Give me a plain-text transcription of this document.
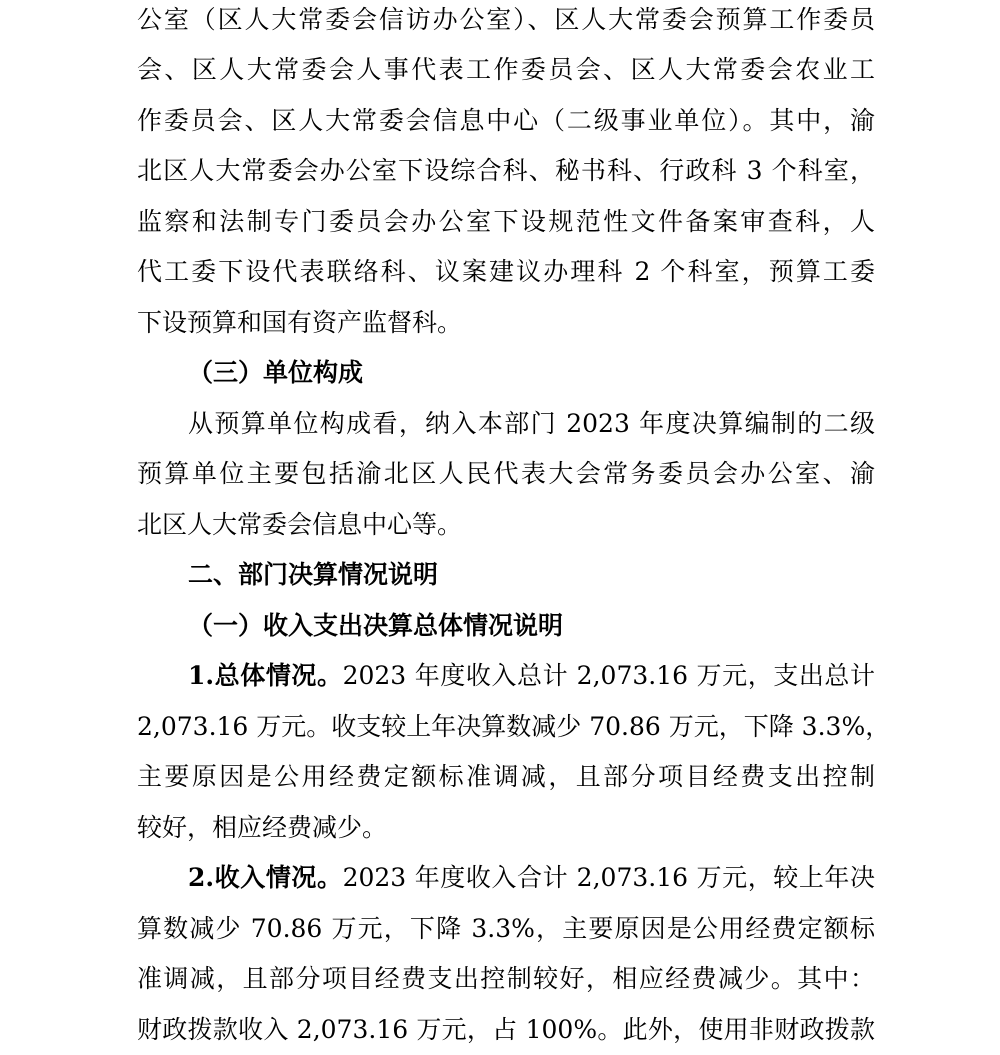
公室（区人大常委会信访办公室）、区人大常委会预算工作委员
会、区人大常委会人事代表工作委员会、区人大常委会农业工
作委员会、区人大常委会信息中心（二级事业单位）。其中，渝
北区人大常委会办公室下设综合科、秘书科、行政科 3 个科室，
监察和法制专门委员会办公室下设规范性文件备案审查科，人
代工委下设代表联络科、议案建议办理科 2 个科室，预算工委
下设预算和国有资产监督科。
（三）单位构成
从预算单位构成看，纳入本部门 2023 年度决算编制的二级
预算单位主要包括渝北区人民代表大会常务委员会办公室、渝
北区人大常委会信息中心等。
二、部门决算情况说明
（一）收入支出决算总体情况说明
1.总体情况。2023 年度收入总计 2,073.16 万元，支出总计
2,073.16 万元。收支较上年决算数减少 70.86 万元，下降 3.3%，
主要原因是公用经费定额标准调减，且部分项目经费支出控制
较好，相应经费减少。
2.收入情况。2023 年度收入合计 2,073.16 万元，较上年决
算数减少 70.86 万元，下降 3.3%，主要原因是公用经费定额标
准调减，且部分项目经费支出控制较好，相应经费减少。其中：
财政拨款收入 2,073.16 万元，占 100%。此外，使用非财政拨款
